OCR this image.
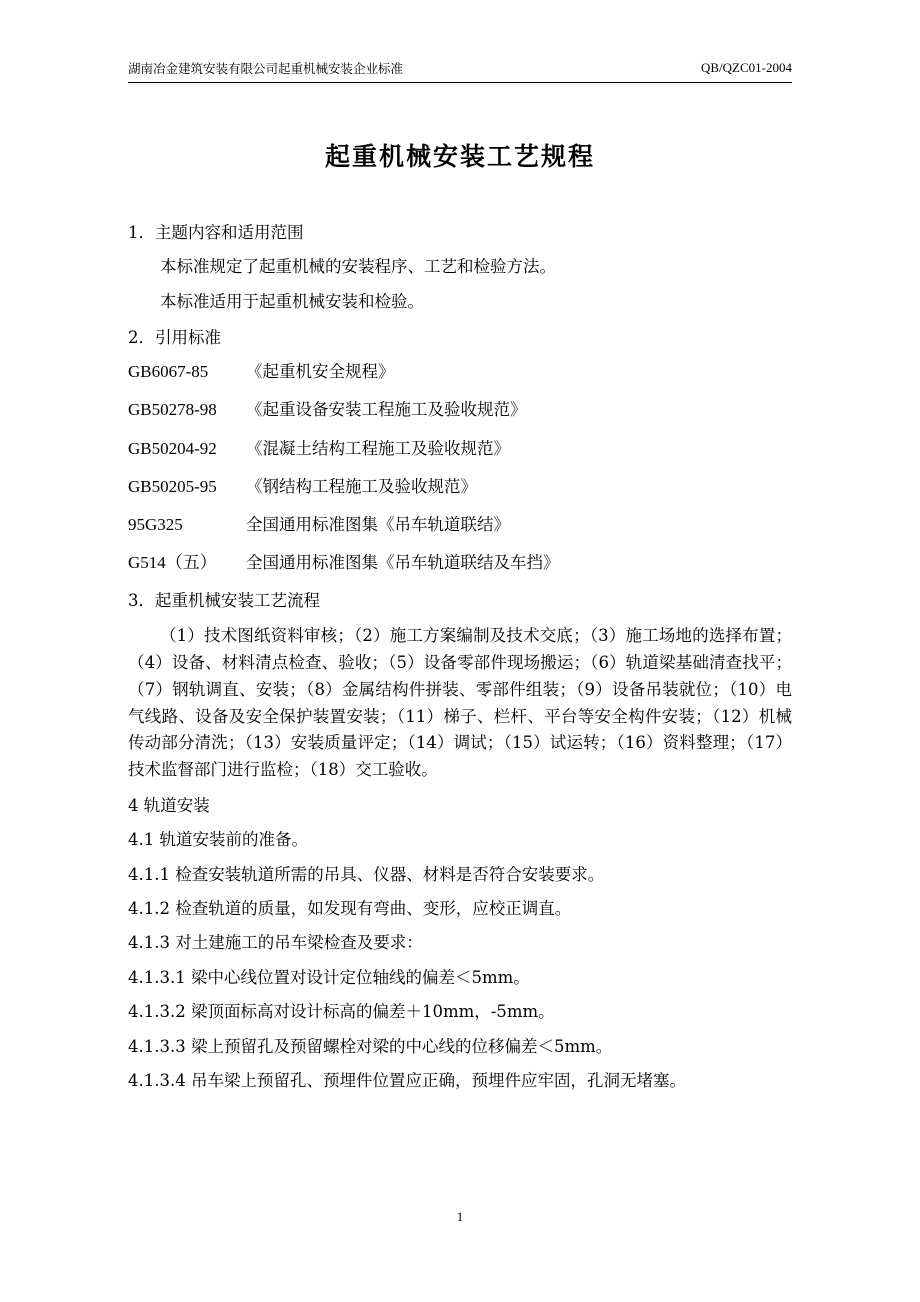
湖南冶金建筑安装有限公司起重机械安装企业标准	QB/QZC01-2004
起重机械安装工艺规程

1．主题内容和适用范围

本标准规定了起重机械的安装程序、工艺和检验方法。

本标准适用于起重机械安装和检验。

2．引用标准

GB6067-85 《起重机安全规程》
GB50278-98 《起重设备安装工程施工及验收规范》
GB50204-92 《混凝土结构工程施工及验收规范》
GB50205-95 《钢结构工程施工及验收规范》
95G325	全国通用标准图集《吊车轨道联结》
G514（五） 全国通用标准图集《吊车轨道联结及车挡》

3．起重机械安装工艺流程

（1）技术图纸资料审核；（2）施工方案编制及技术交底；（3）施工场地的选择布置；（4）设备、材料清点检查、验收；（5）设备零部件现场搬运；（6）轨道梁基础清查找平；（7）钢轨调直、安装；（8）金属结构件拼装、零部件组装；（9）设备吊装就位；（10）电气线路、设备及安全保护装置安装；（11）梯子、栏杆、平台等安全构件安装；（12）机械传动部分清洗；（13）安装质量评定；（14）调试；（15）试运转；（16）资料整理；（17）技术监督部门进行监检；（18）交工验收。

4 轨道安装

4.1 轨道安装前的准备。

4.1.1 检查安装轨道所需的吊具、仪器、材料是否符合安装要求。

4.1.2 检查轨道的质量，如发现有弯曲、变形，应校正调直。

4.1.3 对土建施工的吊车梁检查及要求：

4.1.3.1 梁中心线位置对设计定位轴线的偏差＜5mm。

4.1.3.2 梁顶面标高对设计标高的偏差＋10mm，-5mm。

4.1.3.3 梁上预留孔及预留螺栓对梁的中心线的位移偏差＜5mm。

4.1.3.4 吊车梁上预留孔、预埋件位置应正确，预埋件应牢固，孔洞无堵塞。

1
